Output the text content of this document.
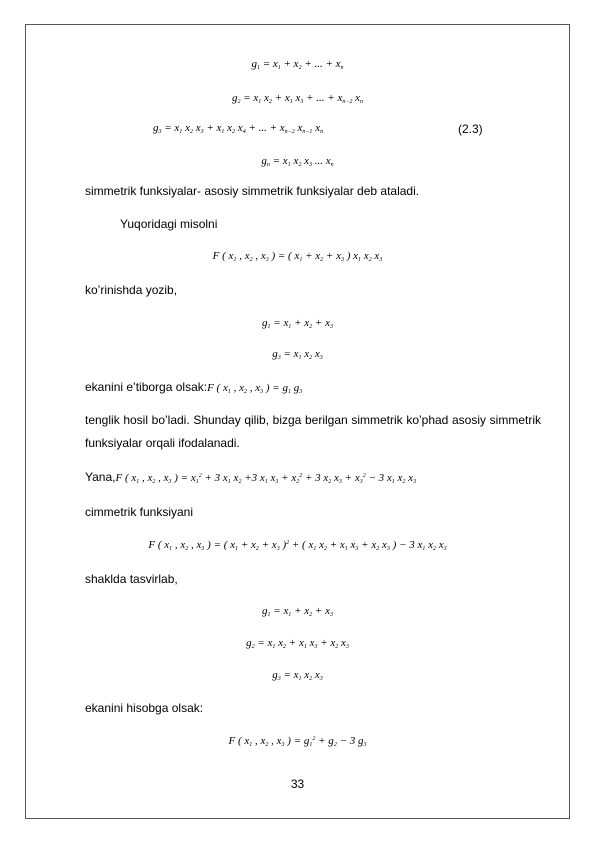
$g_1 = x_1 + x_2$ + ... + $x_n$
$g_2 = x_1$ $x_2 + x_1$ $x_3$ + ... + $x_{n-2}$ $x_n$
$g_3 = x_1$ $x_2$ $x_3 + x_1$ $x_2$ $x_4$ + ... + $x_{n-2}$ $x_{n-1}$ $x_n$	(2.3)
$g_n = x_1$ $x_2$ $x_3$ ... $x_n$
simmetrik funksiyalar- asosiy simmetrik funksiyalar deb ataladi.
Yuqoridagi misolni
F ( $x_1$ , $x_2$ , $x_3$ ) = ( $x_1 + x_2 + x_3$ ) $x_1$ $x_2$ $x_3$
ko’rinishda yozib,
$g_1 = x_1 + x_2 + x_3$
$g_3 = x_1$ $x_2$ $x_3$
ekanini e’tiborga olsak:F ( $x_1$ , $x_2$ , $x_3$ ) = $g_1$ $g_3$
tenglik hosil bo’ladi. Shunday qilib, bizga berilgan simmetrik ko’phad asosiy simmetrik
funksiyalar orqali ifodalanadi.
Yana,F ( $x_1$ , $x_2$ , $x_3$ ) = $x_1^2 + 3$ $x_1$ $x_2 +3$ $x_1$ $x_3 + x_2^2 + 3$ $x_2$ $x_3 + x_3^2 - 3$ $x_1$ $x_2$ $x_3$
cimmetrik funksiyani
F ( $x_1$ , $x_2$ , $x_3$ ) = ( $x_1 + x_2 + x_3$ )$^2$ + ( $x_1$ $x_2 + x_1$ $x_3 + x_2$ $x_3$ ) − 3 $x_1$ $x_2$ $x_3$
shaklda tasvirlab,
$g_1 = x_1 + x_2 + x_3$
$g_2 = x_1$ $x_2 + x_1$ $x_3 + x_2$ $x_3$
$g_3 = x_1$ $x_2$ $x_3$
ekanini hisobga olsak:
F ( $x_1$ , $x_2$ , $x_3$ ) = $g_1^2 + g_2 - 3$ $g_3$
33
